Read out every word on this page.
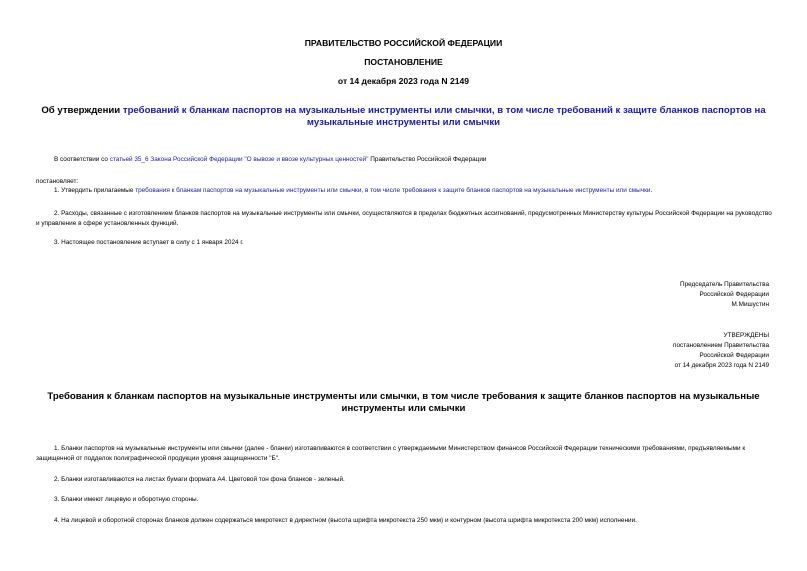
ПРАВИТЕЛЬСТВО РОССИЙСКОЙ ФЕДЕРАЦИИ
ПОСТАНОВЛЕНИЕ
от 14 декабря 2023 года N 2149
Об утверждении требований к бланкам паспортов на музыкальные инструменты или смычки, в том числе требований к защите бланков паспортов на музыкальные инструменты или смычки
В соответствии со статьей 35_6 Закона Российской Федерации "О вывозе и ввозе культурных ценностей" Правительство Российской Федерации
постановляет:
1. Утвердить прилагаемые требования к бланкам паспортов на музыкальные инструменты или смычки, в том числе требования к защите бланков паспортов на музыкальные инструменты или смычки.
2. Расходы, связанные с изготовлением бланков паспортов на музыкальные инструменты или смычки, осуществляются в пределах бюджетных ассигнований, предусмотренных Министерству культуры Российской Федерации на руководство и управление в сфере установленных функций.
3. Настоящее постановление вступает в силу с 1 января 2024 г.
Председатель Правительства
Российской Федерации
М.Мишустин
УТВЕРЖДЕНЫ
постановлением Правительства
Российской Федерации
от 14 декабря 2023 года N 2149
Требования к бланкам паспортов на музыкальные инструменты или смычки, в том числе требования к защите бланков паспортов на музыкальные инструменты или смычки
1. Бланки паспортов на музыкальные инструменты или смычки (далее - бланки) изготавливаются в соответствии с утверждаемыми Министерством финансов Российской Федерации техническими требованиями, предъявляемыми к защищенной от подделок полиграфической продукции уровня защищенности "Б".
2. Бланки изготавливаются на листах бумаги формата А4. Цветовой тон фона бланков - зеленый.
3. Бланки имеют лицевую и оборотную стороны.
4. На лицевой и оборотной сторонах бланков должен содержаться микротекст в директном (высота шрифта микротекста 250 мкм) и контурном (высота шрифта микротекста 200 мкм) исполнении.
